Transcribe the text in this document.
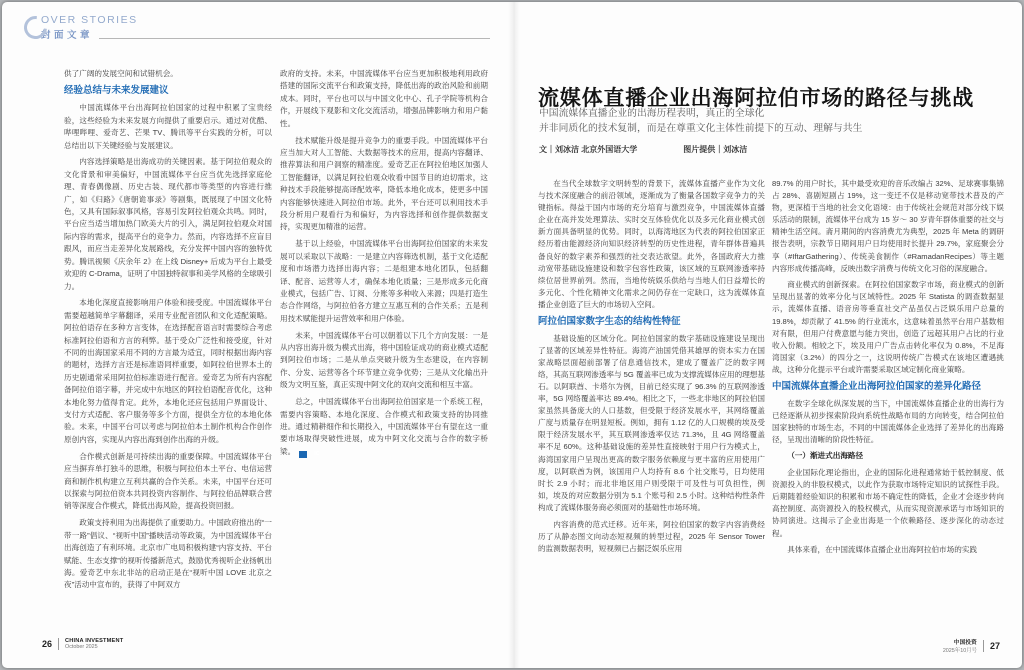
OVER STORIES
封面文章

供了广阔的发展空间和试错机会。

经验总结与未来发展建议

中国流媒体平台出海阿拉伯国家的过程中积累了宝贵经验，这些经验为未来发展方向提供了重要启示。通过对优酷、哔哩哔哩、爱奇艺、芒果 TV、腾讯等平台实践的分析，可以总结出以下关键经验与发展建议。

内容选择策略是出海成功的关键因素。基于阿拉伯观众的文化背景和审美偏好，中国流媒体平台应当优先选择家庭伦理、青春偶像剧、历史古装、现代都市等类型的内容进行推广，如《归路》《唐朝诡事录》等剧集，既展现了中国文化特色，又具有国际叙事风格，容易引发阿拉伯观众共鸣。同时，平台应当适当增加热门欧美大片的引入，满足阿拉伯观众对国际内容的需求，提高平台的竞争力。然而，内容选择不应盲目跟风，而应当走差异化发展路线，充分发挥中国内容的独特优势。腾讯视频《庆余年 2》在上线 Disney+ 后成为平台上最受欢迎的 C-Drama，证明了中国独特叙事和美学风格的全球吸引力。

本地化深度直接影响用户体验和接受度。中国流媒体平台需要超越简单字幕翻译，采用专业配音团队和文化适配策略。阿拉伯语存在多种方言变体，在选择配音语言时需要综合考虑标准阿拉伯语和方言的利弊。基于受众广泛性和接受度，针对不同的出海国家采用不同的方言最为适宜，同时根据出海内容的题材，选择方言还是标准语同样重要，如阿拉伯世界本土的历史剧通常采用阿拉伯标准语进行配音。爱奇艺为所有内容配备阿拉伯语字幕，并完成中东地区的阿拉伯语配音优化，这种本地化努力值得肯定。此外，本地化还应包括用户界面设计、支付方式适配、客户服务等多个方面，提供全方位的本地化体验。未来，中国平台可以考虑与阿拉伯本土制作机构合作创作原创内容，实现从内容出海到创作出海的升级。

合作模式创新是可持续出海的重要保障。中国流媒体平台应当摒弃单打独斗的思维，积极与阿拉伯本土平台、电信运营商和制作机构建立互利共赢的合作关系。未来，中国平台还可以探索与阿拉伯资本共同投资内容制作、与阿拉伯品牌联合营销等深度合作模式，降低出海风险，提高投资回报。

政策支持利用为出海提供了重要助力。中国政府推出的“一带一路”倡议、“视听中国”播映活动等政策，为中国流媒体平台出海创造了有利环境。北京市广电局积极构建“内容支持、平台赋能、生态支撑”的视听传播新范式，鼓励优秀视听企业扬帆出海。爱奇艺中东北非站的启动正是在“视听中国 LOVE 北京之夜”活动中宣布的，获得了中阿双方

政府的支持。未来，中国流媒体平台应当更加积极地利用政府搭建的国际交流平台和政策支持，降低出海的政治风险和前期成本。同时，平台也可以与中国文化中心、孔子学院等机构合作，开展线下观影和文化交流活动，增强品牌影响力和用户黏性。

技术赋能升级是提升竞争力的重要手段。中国流媒体平台应当加大对人工智能、大数据等技术的应用，提高内容翻译、推荐算法和用户洞察的精准度。爱奇艺正在阿拉伯地区加强人工智能翻译，以满足阿拉伯观众收看中国节目的迫切需求，这种技术手段能够提高译配效率，降低本地化成本，使更多中国内容能够快速进入阿拉伯市场。此外，平台还可以利用技术手段分析用户观看行为和偏好，为内容选择和创作提供数据支持，实现更加精准的运营。

基于以上经验，中国流媒体平台出海阿拉伯国家的未来发展可以采取以下战略：一是建立内容筛选机制，基于文化适配度和市场潜力选择出海内容；二是组建本地化团队，包括翻译、配音、运营等人才，确保本地化质量；三是形成多元化商业模式，包括广告、订阅、分账等多种收入来源；四是打造生态合作网络，与阿拉伯各方建立互惠互利的合作关系；五是利用技术赋能提升运营效率和用户体验。

未来，中国流媒体平台可以朝着以下几个方向发展：一是从内容出海升级为模式出海，将中国验证成功的商业模式适配到阿拉伯市场；二是从单点突破升级为生态建设，在内容制作、分发、运营等各个环节建立竞争优势；三是从文化输出升级为文明互鉴，真正实现中阿文化的双向交流和相互丰富。

总之，中国流媒体平台出海阿拉伯国家是一个系统工程，需要内容策略、本地化深度、合作模式和政策支持的协同推进。通过精耕细作和长期投入，中国流媒体平台有望在这一重要市场取得突破性进展，成为中阿文化交流与合作的数字桥梁。	IC

26 CHINA INVESTMENT
October 2025
流媒体直播企业出海阿拉伯市场的路径与挑战
中国流媒体直播企业的出海历程表明，真正的全球化
并非同质化的技术复制，而是在尊重文化主体性前提下的互动、理解与共生
文｜刘冰洁 北京外国语大学	图片提供｜刘冰洁

在当代全球数字文明转型的背景下，流媒体直播产业作为文化与技术深度融合的前沿领域，逐渐成为了衡量各国数字竞争力的关键指标。得益于国内市场的充分培育与激烈竞争，中国流媒体直播企业在高并发处理算法、实时交互体验优化以及多元化商业模式创新方面具备明显的优势。同时，以海湾地区为代表的阿拉伯国家正经历着由能源经济向知识经济转型的历史性进程，青年群体普遍具备良好的数字素养和强烈的社交表达欲望。此外，各国政府大力推动宽带基础设施建设和数字包容性政策，该区域的互联网渗透率持续位居世界前列。然而，当地传统娱乐供给与当地人们日益增长的多元化、个性化精神文化需求之间仍存在一定缺口，这为流媒体直播企业创造了巨大的市场切入空间。

阿拉伯国家数字生态的结构性特征

基础设施的区域分化。阿拉伯国家的数字基础设施建设呈现出了显著的区域差异性特征。海湾产油国凭借其雄厚的资本实力在国家战略层面超前部署了信息通信技术，建成了覆盖广泛的数字网络，其高互联网渗透率与 5G 覆盖率已成为支撑流媒体应用的理想基石。以阿联酋、卡塔尔为例，目前已经实现了 96.3% 的互联网渗透率，5G 网络覆盖率达 89.4%。相比之下，一些北非地区的阿拉伯国家虽然具备庞大的人口基数，但受限于经济发展水平，其网络覆盖广度与质量存在明显短板。例如，拥有 1.12 亿的人口规模的埃及受限于经济发展水平，其互联网渗透率仅达 71.3%，且 4G 网络覆盖率不足 60%。这种基础设施的差异性直接映射于用户行为模式上，海湾国家用户呈现出更高的数字服务依赖度与更丰富的应用使用广度，以阿联酋为例，该国用户人均持有 8.6 个社交账号，日均使用时长 2.9 小时；而北非地区用户则受限于可及性与可负担性，例如，埃及的对应数据分别为 5.1 个账号和 2.5 小时。这种结构性条件构成了流媒体服务商必须面对的基础性市场环境。

内容消费的范式迁移。近年来，阿拉伯国家的数字内容消费经历了从静态图文向动态短视频的转型过程，2025 年 Sensor Tower 的监测数据表明，短视频已占据泛娱乐应用

89.7% 的用户时长，其中最受欢迎的音乐改编占 32%、足球赛事集锦占 28%、喜剧短剧占 19%，这一变迁不仅是移动宽带技术普及的产物，更深植于当地的社会文化语境：由于传统社会规范对部分线下娱乐活动的限制，流媒体平台成为 15 岁～ 30 岁青年群体重要的社交与精神生活空间。斋月期间的内容消费尤为典型，2025 年 Meta 的调研报告表明，宗教节日期间用户日均使用时长提升 29.7%，家庭聚会分享（#IftarGathering）、传统美食制作（#RamadanRecipes）等主题内容形成传播高峰，反映出数字消费与传统文化习俗的深度融合。

商业模式的创新探索。在阿拉伯国家数字市场，商业模式的创新呈现出显著的效率分化与区域特性。2025 年 Statista 的调查数据显示，流媒体直播、语音房等垂直社交产品虽仅占泛娱乐用户总量的 19.8%，却贡献了 41.5% 的行业流水，这意味着虽然平台用户基数相对有限，但用户付费意愿与能力突出，创造了远超其用户占比的行业收入份额。相较之下，埃及用户广告点击转化率仅为 0.8%，不足海湾国家（3.2%）的四分之一，这说明传统广告模式在该地区遭遇挑战，这种分化提示平台或许需要采取区域定制化商业策略。

中国流媒体直播企业出海阿拉伯国家的差异化路径

在数字全球化纵深发展的当下，中国流媒体直播企业的出海行为已经逐渐从初步探索阶段向系统性战略布局的方向转变，结合阿拉伯国家独特的市场生态，不同的中国流媒体企业选择了差异化的出海路径，呈现出清晰的阶段性特征。

（一）渐进式出海路径

企业国际化理论指出，企业的国际化进程通常始于低控制度、低资源投入的非股权模式，以此作为获取市场特定知识的试探性手段。后期随着经验知识的积累和市场不确定性的降低，企业才会逐步转向高控制度、高资源投入的股权模式，从而实现资源承诺与市场知识的协同演进。这揭示了企业出海是一个依赖路径、逐步深化的动态过程。

具体来看，在中国流媒体直播企业出海阿拉伯市场的实践

中国投资
2025年10月号 27
